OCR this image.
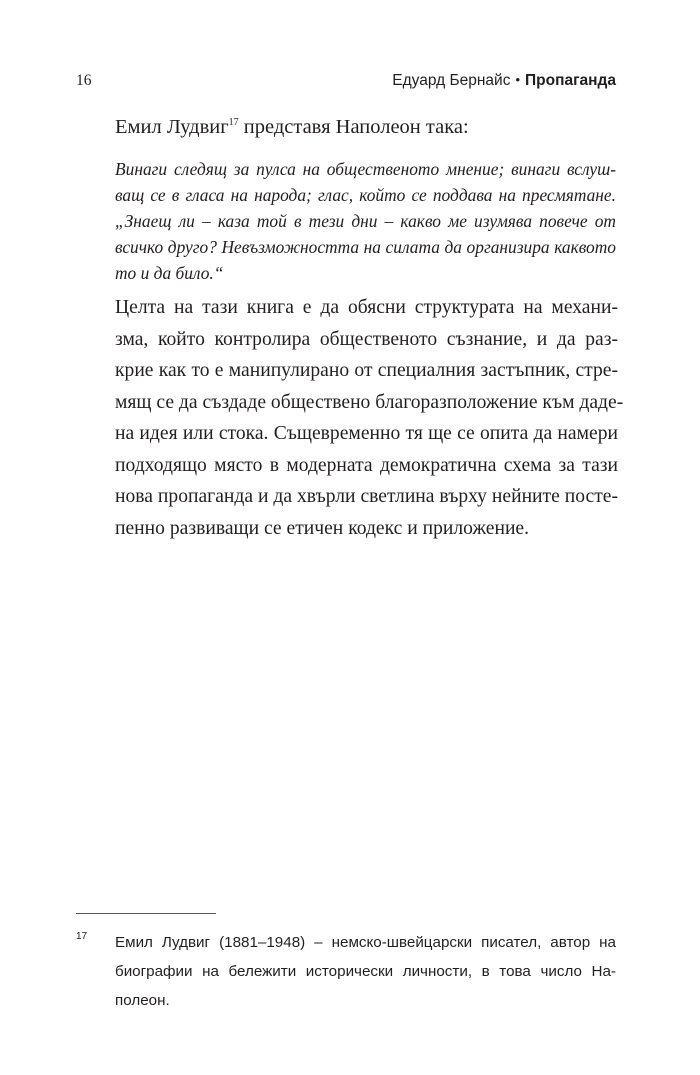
16	Едуард Бернайс • Пропаганда
Емил Лудвиг$^{17}$ представя Наполеон така:
Винаги следящ за пулса на общественото мнение; винаги вслуш-
ващ се в гласа на народа; глас, който се поддава на пресмятане.
„Знаещ ли – каза той в тези дни – какво ме изумява повече от
всичко друго? Невъзможността на силата да организира каквото
то и да било.“
Целта на тази книга е да обясни структурата на механи-
зма, който контролира общественото съзнание, и да раз-
крие как то е манипулирано от специалния застъпник, стре-
мящ се да създаде обществено благоразположение към даде-
на идея или стока. Същевременно тя ще се опита да намери
подходящо място в модерната демократична схема за тази
нова пропаганда и да хвърли светлина върху нейните посте-
пенно развиващи се етичен кодекс и приложение.
17 Емил Лудвиг (1881–1948) – немско-швейцарски писател, автор на
биографии на бележити исторически личности, в това число На-
полеон.
